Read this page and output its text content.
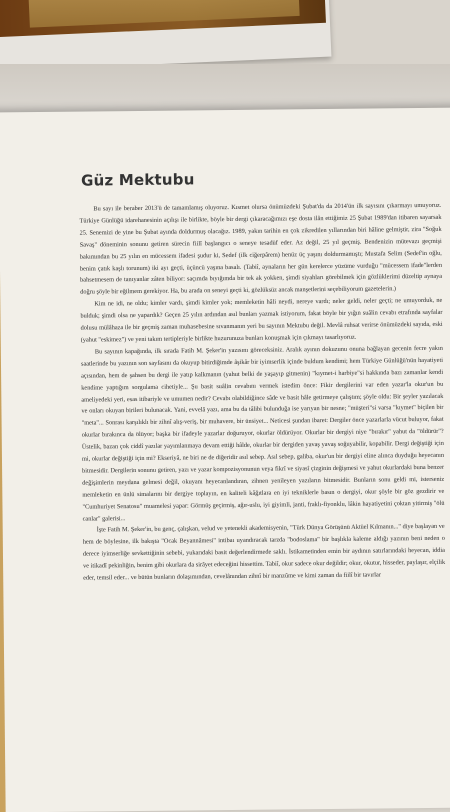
Güz Mektubu

Bu sayı ile beraber 2013'ü de tamamlamış oluyoruz. Kısmet olursa önümüzdeki Şubat'da da 2014'ün ilk sayısını çıkarmayı umuyoruz. Türkiye Günlüğü idarehanesinin açılışı ile birlikte, böyle bir dergi çıkaracağımızı eşe dosta ilân ettiğimiz 25 Şubat 1989'dan itibaren sayarsak 25. Senemizi de yine bu Şubat ayında doldurmuş olacağız. 1989, yakın tarihin en çok zikredilen yıllarından biri hâline gelmiştir, zira "Soğuk Savaş" döneminin sonunu getiren sürecin fiilî başlangıcı o seneye tesadüf eder. Az değil, 25 yıl geçmiş. Bendenizin mütevazı geçmişi bakımından bu 25 yılın en mücessem ifadesi şudur ki, Sedef (ilk ciğerpârem) henüz üç yaşını doldurmamıştı; Mustafa Selim (Sedef'in oğlu, benim çatık kaşlı torunum) iki ayı geçti, üçüncü yaşına basalı. (Tabiî, aynaların her gün kerelerce yüzüme vurduğu "mücessem ifade"lerden bahsetmesem de tanıyanlar zâten biliyor: saçımda bıyığımda bir tek ak yokken, şimdi siyahları görebilmek için gözlüklerimi düzeltip aynaya doğru şöyle bir eğilmem gerekiyor. Ha, bu arada on seneyi geçti ki, gözlüksüz ancak manşetlerini seçebiliyorum gazetelerin.)

Kim ne idi, ne oldu; kimler vardı, şimdi kimler yok; memleketin hâli neydi, nereye vardı; neler geldi, neler geçti; ne umuyorduk, ne bulduk; şimdi olsa ne yapardık? Geçen 25 yılın ardından asıl bunları yazmak istiyorum, fakat böyle bir yığın suâlin cevabı etrafında sayfalar dolusu mülâhaza ile bir geçmiş zaman muhasebesine sıvanmanın yeri bu sayının Mektubu değil. Mevlâ ruhsat verirse önümüzdeki sayıda, eski (yahut "eskimez") ve yeni takım tertipleriyle birlikte huzurunuza bunları konuşmak için çıkmayı tasarlıyoruz.

Bu sayının kapağında, ilk sırada Fatih M. Şeker'in yazısını göreceksiniz. Aralık ayının dokuzunu onuna bağlayan gecenin fecre yakın saatlerinde bu yazının son sayfasını da okuyup bitirdiğimde âşikâr bir iyimserlik içinde buldum kendimi; hem Türkiye Günlüğü'nün hayatiyeti açısından, hem de şahsen bu dergi ile yatıp kalkmanın (yahut belki de yaşayıp gitmenin) "kıymet-i harbiye"si hakkında bazı zamanlar kendi kendime yaptığım sorgulama cihetiyle... Şu basit suâlin cevabını vermek istedim önce: Fikir dergilerini var eden yazar'la okur'un bu ameliyedeki yeri, esas itibariyle ve umumen nedir? Cevabı olabildiğince sâde ve basit hâle getirmeye çalıştım; şöyle oldu: Bir şeyler yazılacak ve onları okuyan birileri bulunacak. Yani, evvelâ yazı, ama bu da tâlibi bulunduğa ise yarıyan bir nesne; "müşteri"si varsa "kıymet" biçilen bir "meta"... Sonrası karşılıklı bir zihnî alış-veriş, bir muhavere, bir ünsiyet... Neticesi şundan ibaret: Dergiler önce yazarlarla vücut buluyor, fakat okurlar bırakınca da ölüyor; başka bir ifadeyle yazarlar doğuruyor, okurlar öldürüyor. Okurlar bir dergiyi niye "bırakır" yahut da "öldürür"? Üstelik, bazan çok ciddî yazılar yayımlanmaya devam ettiği hâlde, okurlar bir dergiden yavaş yavaş soğuyabilir, kopabilir. Dergi değiştiği için mi, okurlar değiştiği için mi? Ekseriyâ, ne biri ne de diğeridir asıl sebep. Asıl sebep, galiba, okur'un bir dergiyi eline alınca duyduğu heyecanın bitmesidir. Dergilerin sonunu getiren, yazı ve yazar kompozisyonunun veya fikrî ve siyasî çizginin değişmesi ve yahut okurlardaki buna benzer değişimlerin meydana gelmesi değil, okuyanı heyecanlandıran, zihnen yenileyen yazıların bitmesidir. Bunların sonu geldi mi, isterseniz memleketin en ünlü simalarını bir dergiye toplayın, en kaliteli kâğıtlara en iyi tekniklerle basın o dergiyi, okur şöyle bir göz gezdirir ve "Cumhuriyet Senatosu" muamelesi yapar: Görmüş geçirmiş, ağır-uslu, iyi giyimli, janti, fraklı-fiyonklu, lâkin hayatiyetini çoktan yitirmiş "ölü canlar" galerisi...

İşte Fatih M. Şeker'in, bu genç, çalışkan, velud ve yetenekli akademisyenin, "Türk Dünya Görüşünü Aktüel Kılmanın..." diye başlayan ve hem de böylesine, ilk bakışta "Ocak Beyannâmesi" intibaı uyandıracak tarzda "bodoslama" bir başlıkla kaleme aldığı yazının beni neden o derece iyimserliğe sevkettiğinin sebebi, yukarıdaki basit değerlendirmede saklı. İstikametinden emin bir aydının satırlarındaki heyecan, iddia ve itikadî pekinliğin, benim gibi okurlara da sirâyet edeceğini hissettim. Tabiî, okur sadece okur değildir; okur, okutur, hisseder, paylaşır, elçilik eder, temsil eder... ve bütün bunların dolaşımından, cevelânından zihnî bir manzûme ve kimi zaman da fiilî bir tavırlar
